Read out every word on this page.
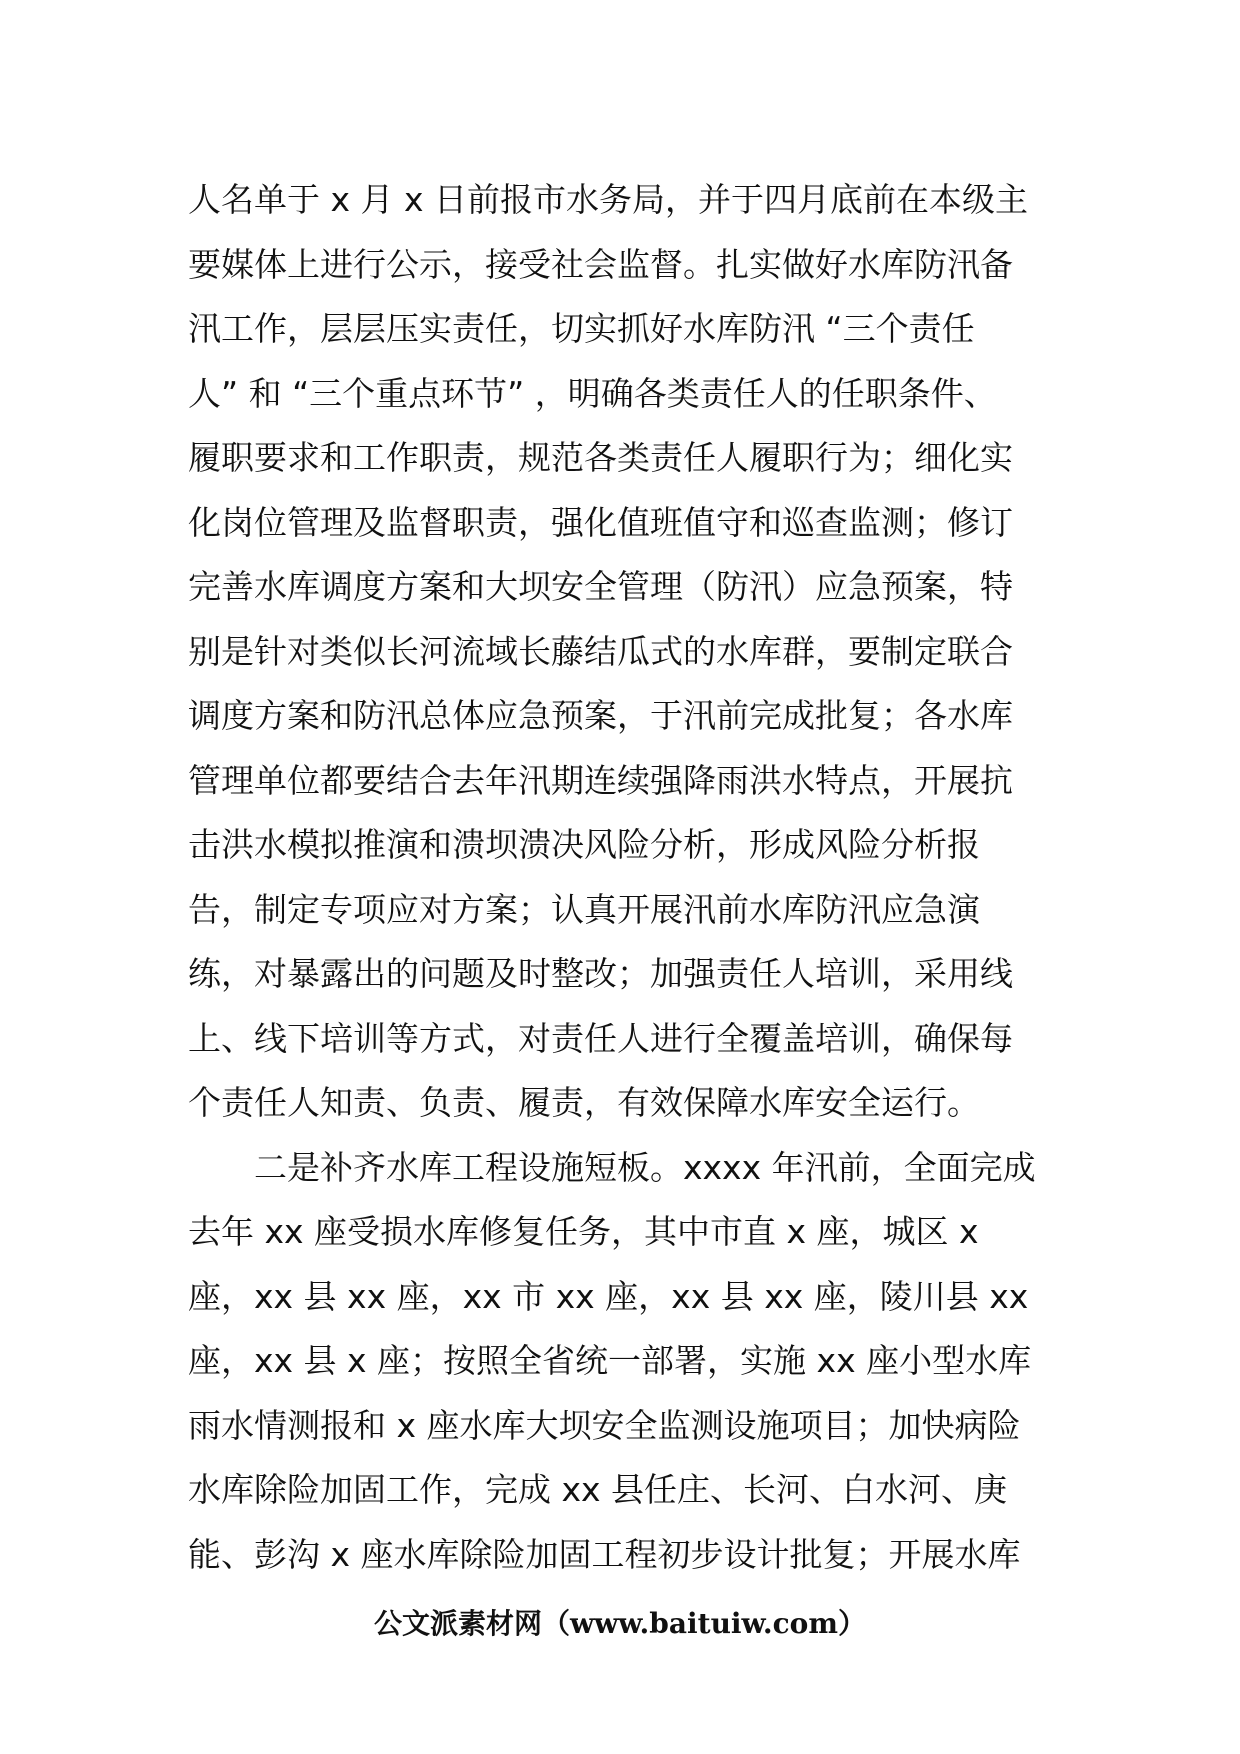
人名单于 x 月 x 日前报市水务局，并于四月底前在本级主
要媒体上进行公示，接受社会监督。扎实做好水库防汛备
汛工作，层层压实责任，切实抓好水库防汛 “三个责任
人” 和 “三个重点环节” ，明确各类责任人的任职条件、
履职要求和工作职责，规范各类责任人履职行为；细化实
化岗位管理及监督职责，强化值班值守和巡查监测；修订
完善水库调度方案和大坝安全管理（防汛）应急预案，特
别是针对类似长河流域长藤结瓜式的水库群，要制定联合
调度方案和防汛总体应急预案，于汛前完成批复；各水库
管理单位都要结合去年汛期连续强降雨洪水特点，开展抗
击洪水模拟推演和溃坝溃决风险分析，形成风险分析报
告，制定专项应对方案；认真开展汛前水库防汛应急演
练，对暴露出的问题及时整改；加强责任人培训，采用线
上、线下培训等方式，对责任人进行全覆盖培训，确保每
个责任人知责、负责、履责，有效保障水库安全运行。
二是补齐水库工程设施短板。xxxx 年汛前，全面完成
去年 xx 座受损水库修复任务，其中市直 x 座，城区 x
座，xx 县 xx 座，xx 市 xx 座，xx 县 xx 座，陵川县 xx
座，xx 县 x 座；按照全省统一部署，实施 xx 座小型水库
雨水情测报和 x 座水库大坝安全监测设施项目；加快病险
水库除险加固工作，完成 xx 县任庄、长河、白水河、庚
能、彭沟 x 座水库除险加固工程初步设计批复；开展水库
公文派素材网（www.baituiw.com）
